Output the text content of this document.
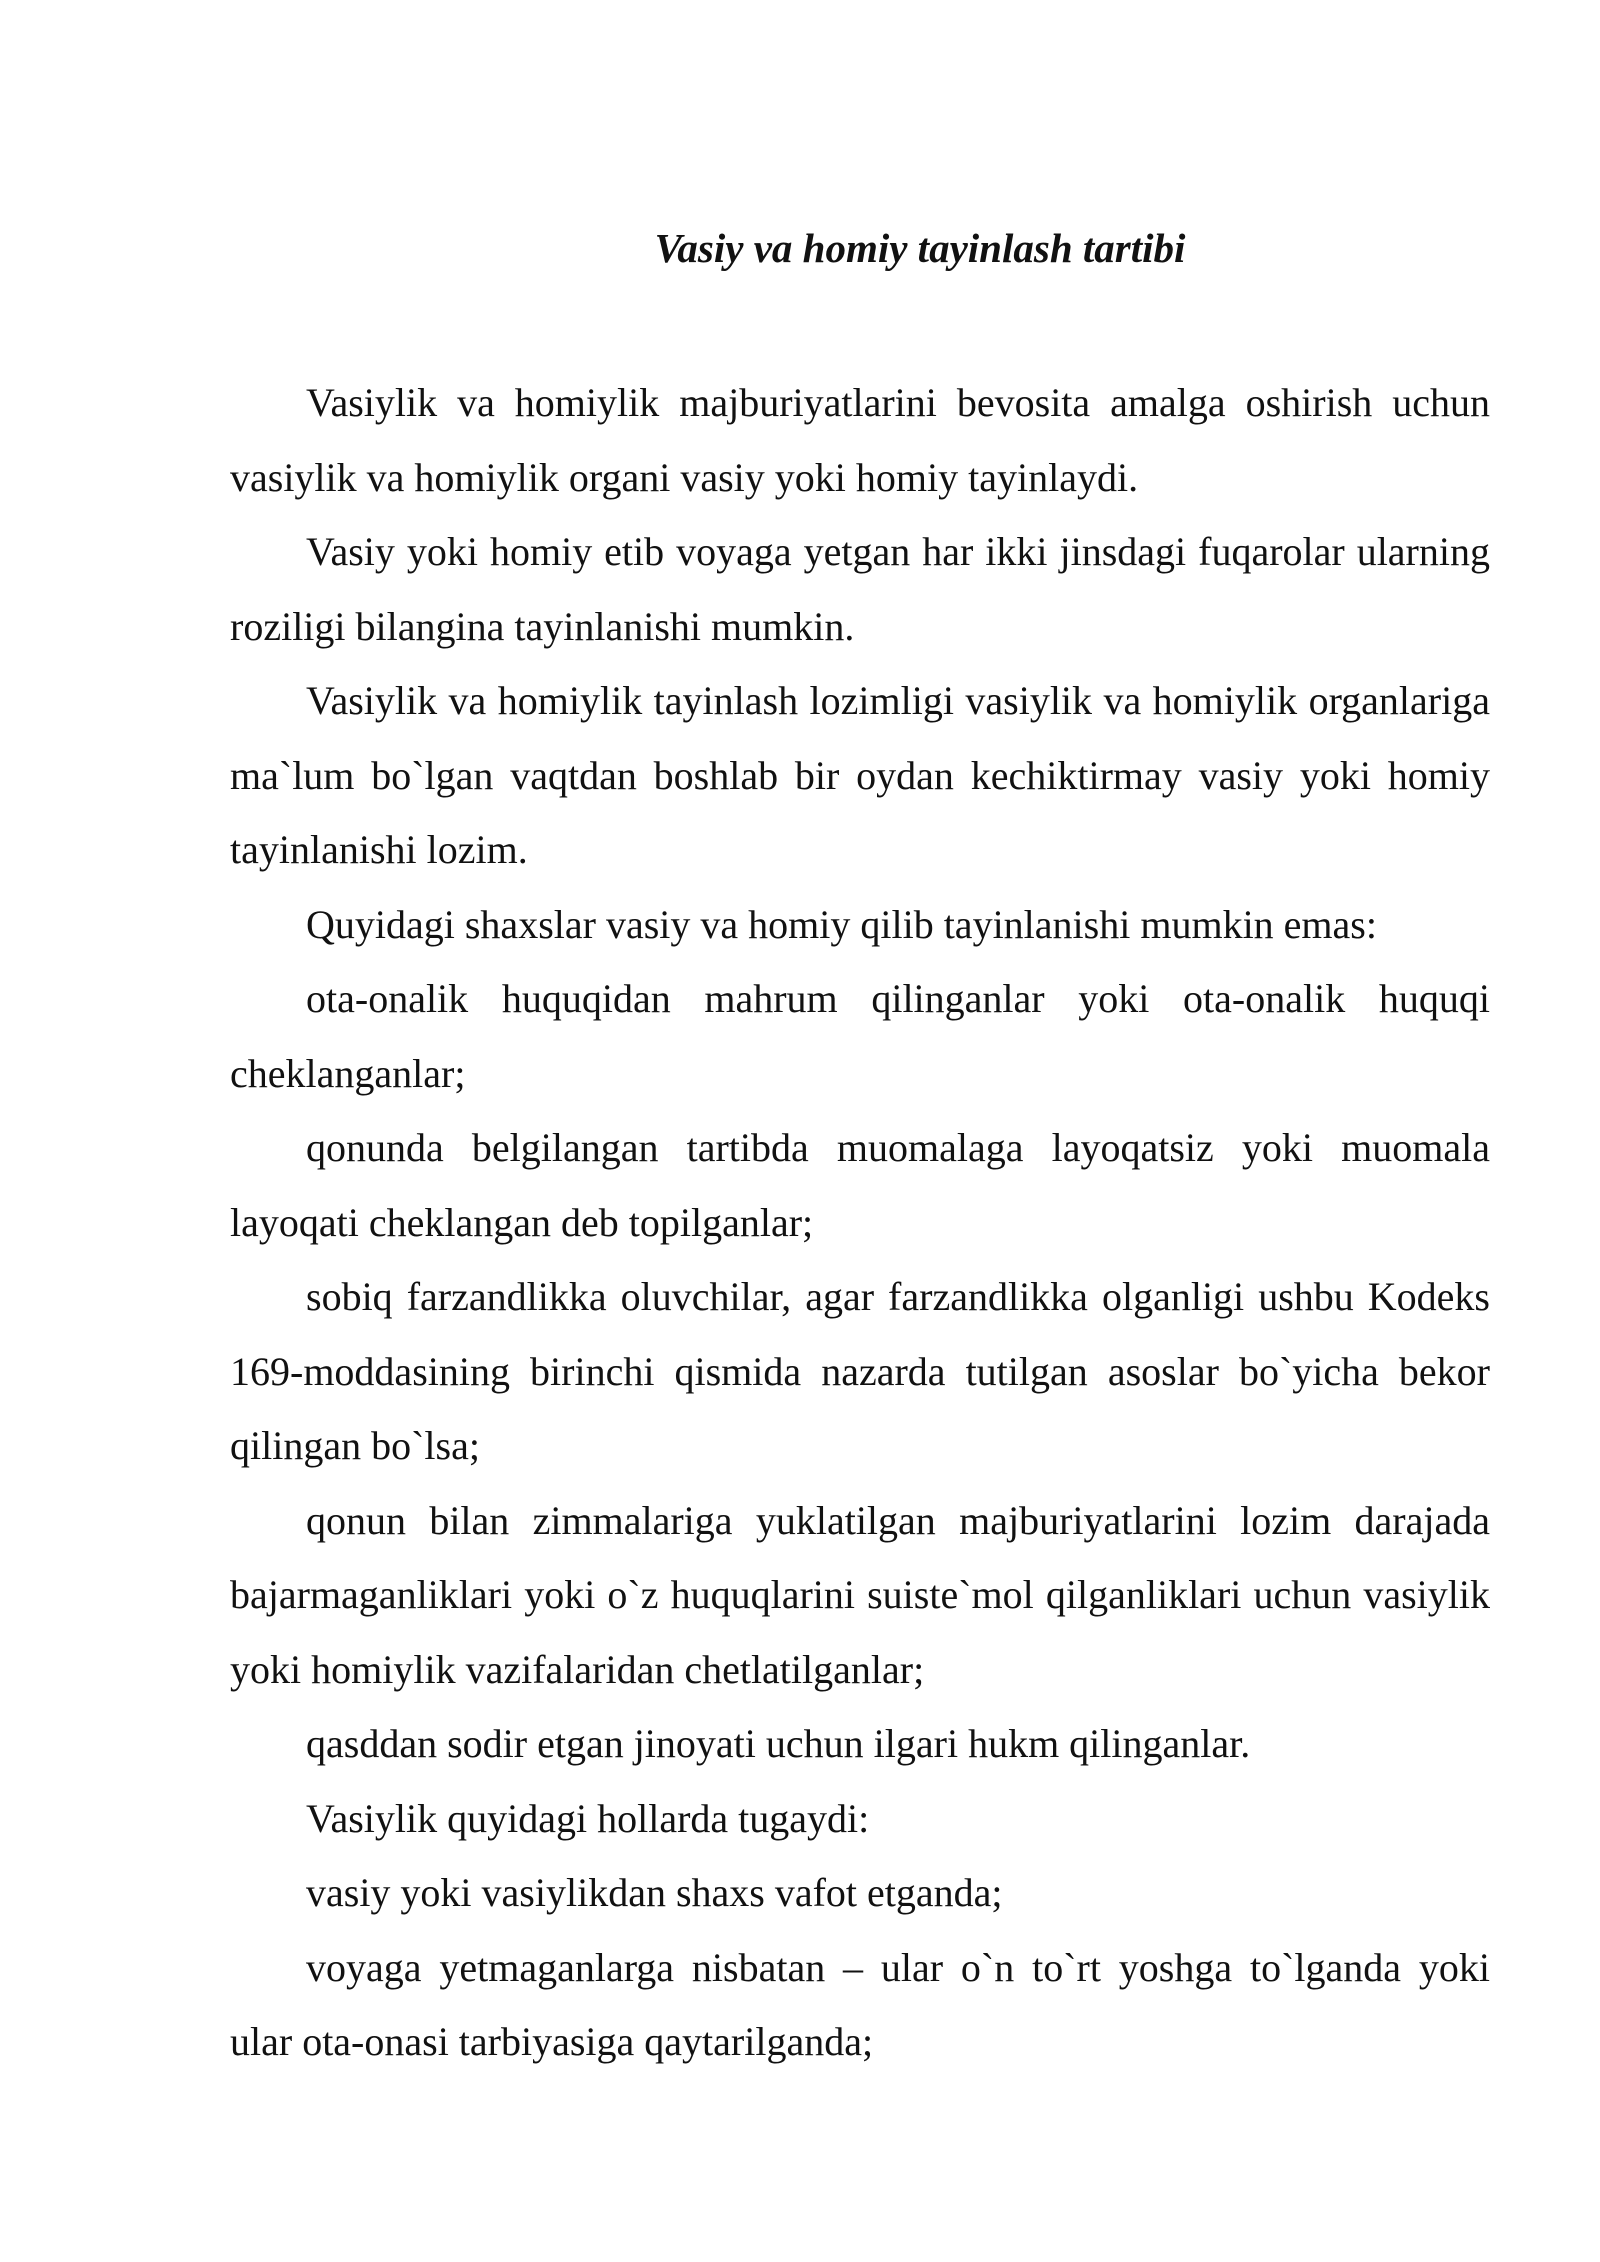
Vasiy va homiy tayinlash tartibi

Vasiylik va homiylik majburiyatlarini bevosita amalga oshirish uchun vasiylik va homiylik organi vasiy yoki homiy tayinlaydi.

Vasiy yoki homiy etib voyaga yetgan har ikki jinsdagi fuqarolar ularning roziligi bilangina tayinlanishi mumkin.

Vasiylik va homiylik tayinlash lozimligi vasiylik va homiylik organlariga ma`lum bo`lgan vaqtdan boshlab bir oydan kechiktirmay vasiy yoki homiy tayinlanishi lozim.

Quyidagi shaxslar vasiy va homiy qilib tayinlanishi mumkin emas:

ota-onalik huquqidan mahrum qilinganlar yoki ota-onalik huquqi cheklanganlar;

qonunda belgilangan tartibda muomalaga layoqatsiz yoki muomala layoqati cheklangan deb topilganlar;

sobiq farzandlikka oluvchilar, agar farzandlikka olganligi ushbu Kodeks 169-moddasining birinchi qismida nazarda tutilgan asoslar bo`yicha bekor qilingan bo`lsa;

qonun bilan zimmalariga yuklatilgan majburiyatlarini lozim darajada bajarmaganliklari yoki o`z huquqlarini suiste`mol qilganliklari uchun vasiylik yoki homiylik vazifalaridan chetlatilganlar;

qasddan sodir etgan jinoyati uchun ilgari hukm qilinganlar.

Vasiylik quyidagi hollarda tugaydi:

vasiy yoki vasiylikdan shaxs vafot etganda;

voyaga yetmaganlarga nisbatan – ular o`n to`rt yoshga to`lganda yoki ular ota-onasi tarbiyasiga qaytarilganda;
